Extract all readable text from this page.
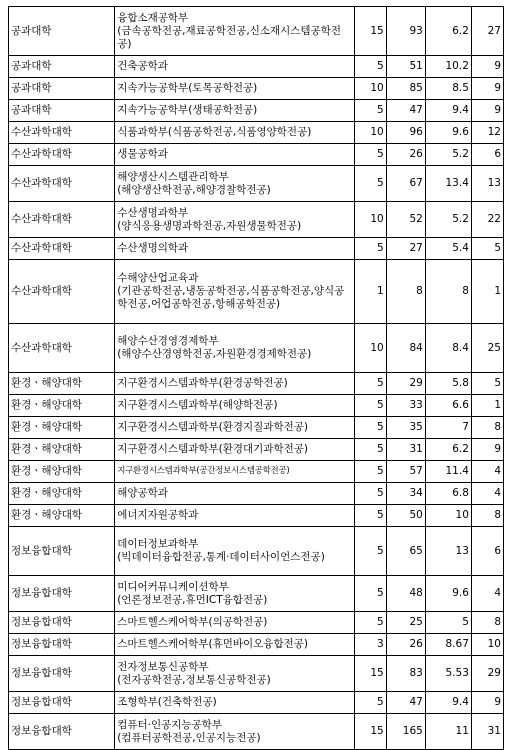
공과대학	융합소재공학부
(금속공학전공,재료공학전공,신소재시스템공학전공)	15	93	6.2	27
공과대학	건축공학과	5	51	10.2	9
공과대학	지속가능공학부(토목공학전공)	10	85	8.5	9
공과대학	지속가능공학부(생태공학전공)	5	47	9.4	9
수산과학대학	식품과학부(식품공학전공,식품영양학전공)	10	96	9.6	12
수산과학대학	생물공학과	5	26	5.2	6
수산과학대학	해양생산시스템관리학부
(해양생산학전공,해양경찰학전공)	5	67	13.4	13
수산과학대학	수산생명과학부
(양식응용생명과학전공,자원생물학전공)	10	52	5.2	22
수산과학대학	수산생명의학과	5	27	5.4	5
수산과학대학	수해양산업교육과
(기관공학전공,냉동공학전공,식품공학전공,양식공학전공,어업공학전공,항해공학전공)	1	8	8	1
수산과학대학	해양수산경영경제학부
(해양수산경영학전공,자원환경경제학전공)	10	84	8.4	25
환경ㆍ해양대학	지구환경시스템과학부(환경공학전공)	5	29	5.8	5
환경ㆍ해양대학	지구환경시스템과학부(해양학전공)	5	33	6.6	1
환경ㆍ해양대학	지구환경시스템과학부(환경지질과학전공)	5	35	7	8
환경ㆍ해양대학	지구환경시스템과학부(환경대기과학전공)	5	31	6.2	9
환경ㆍ해양대학	지구환경시스템과학부(공간정보시스템공학전공)	5	57	11.4	4
환경ㆍ해양대학	해양공학과	5	34	6.8	4
환경ㆍ해양대학	에너지자원공학과	5	50	10	8
정보융합대학	데이터정보과학부
(빅데이터융합전공,통계·데이터사이언스전공)	5	65	13	6
정보융합대학	미디어커뮤니케이션학부
(언론정보전공,휴먼ICT융합전공)	5	48	9.6	4
정보융합대학	스마트헬스케어학부(의공학전공)	5	25	5	8
정보융합대학	스마트헬스케어학부(휴먼바이오융합전공)	3	26	8.67	10
정보융합대학	전자정보통신공학부
(전자공학전공,정보통신공학전공)	15	83	5.53	29
정보융합대학	조형학부(건축학전공)	5	47	9.4	9
정보융합대학	컴퓨터·인공지능공학부
(컴퓨터공학전공,인공지능전공)	15	165	11	31
